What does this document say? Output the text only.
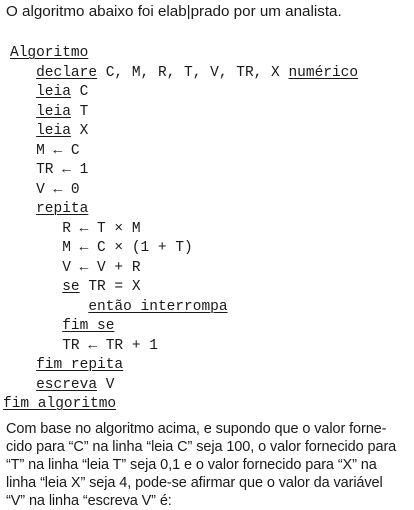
O algoritmo abaixo foi elab|prado por um analista.

Algoritmo
declare C, M, R, T, V, TR, X numérico
leia C
leia T
leia X
M ← C
TR ← 1
V ← 0
repita
R ← T × M
M ← C × (1 + T)
V ← V + R
se TR = X
então interrompa
fim se
TR ← TR + 1
fim repita
escreva V
fim algoritmo
Com base no algoritmo acima, e supondo que o valor forne-
cido para “C” na linha “leia C” seja 100, o valor fornecido para
“T” na linha “leia T” seja 0,1 e o valor fornecido para “X” na
linha “leia X” seja 4, pode-se afirmar que o valor da variável
“V” na linha “escreva V” é:
